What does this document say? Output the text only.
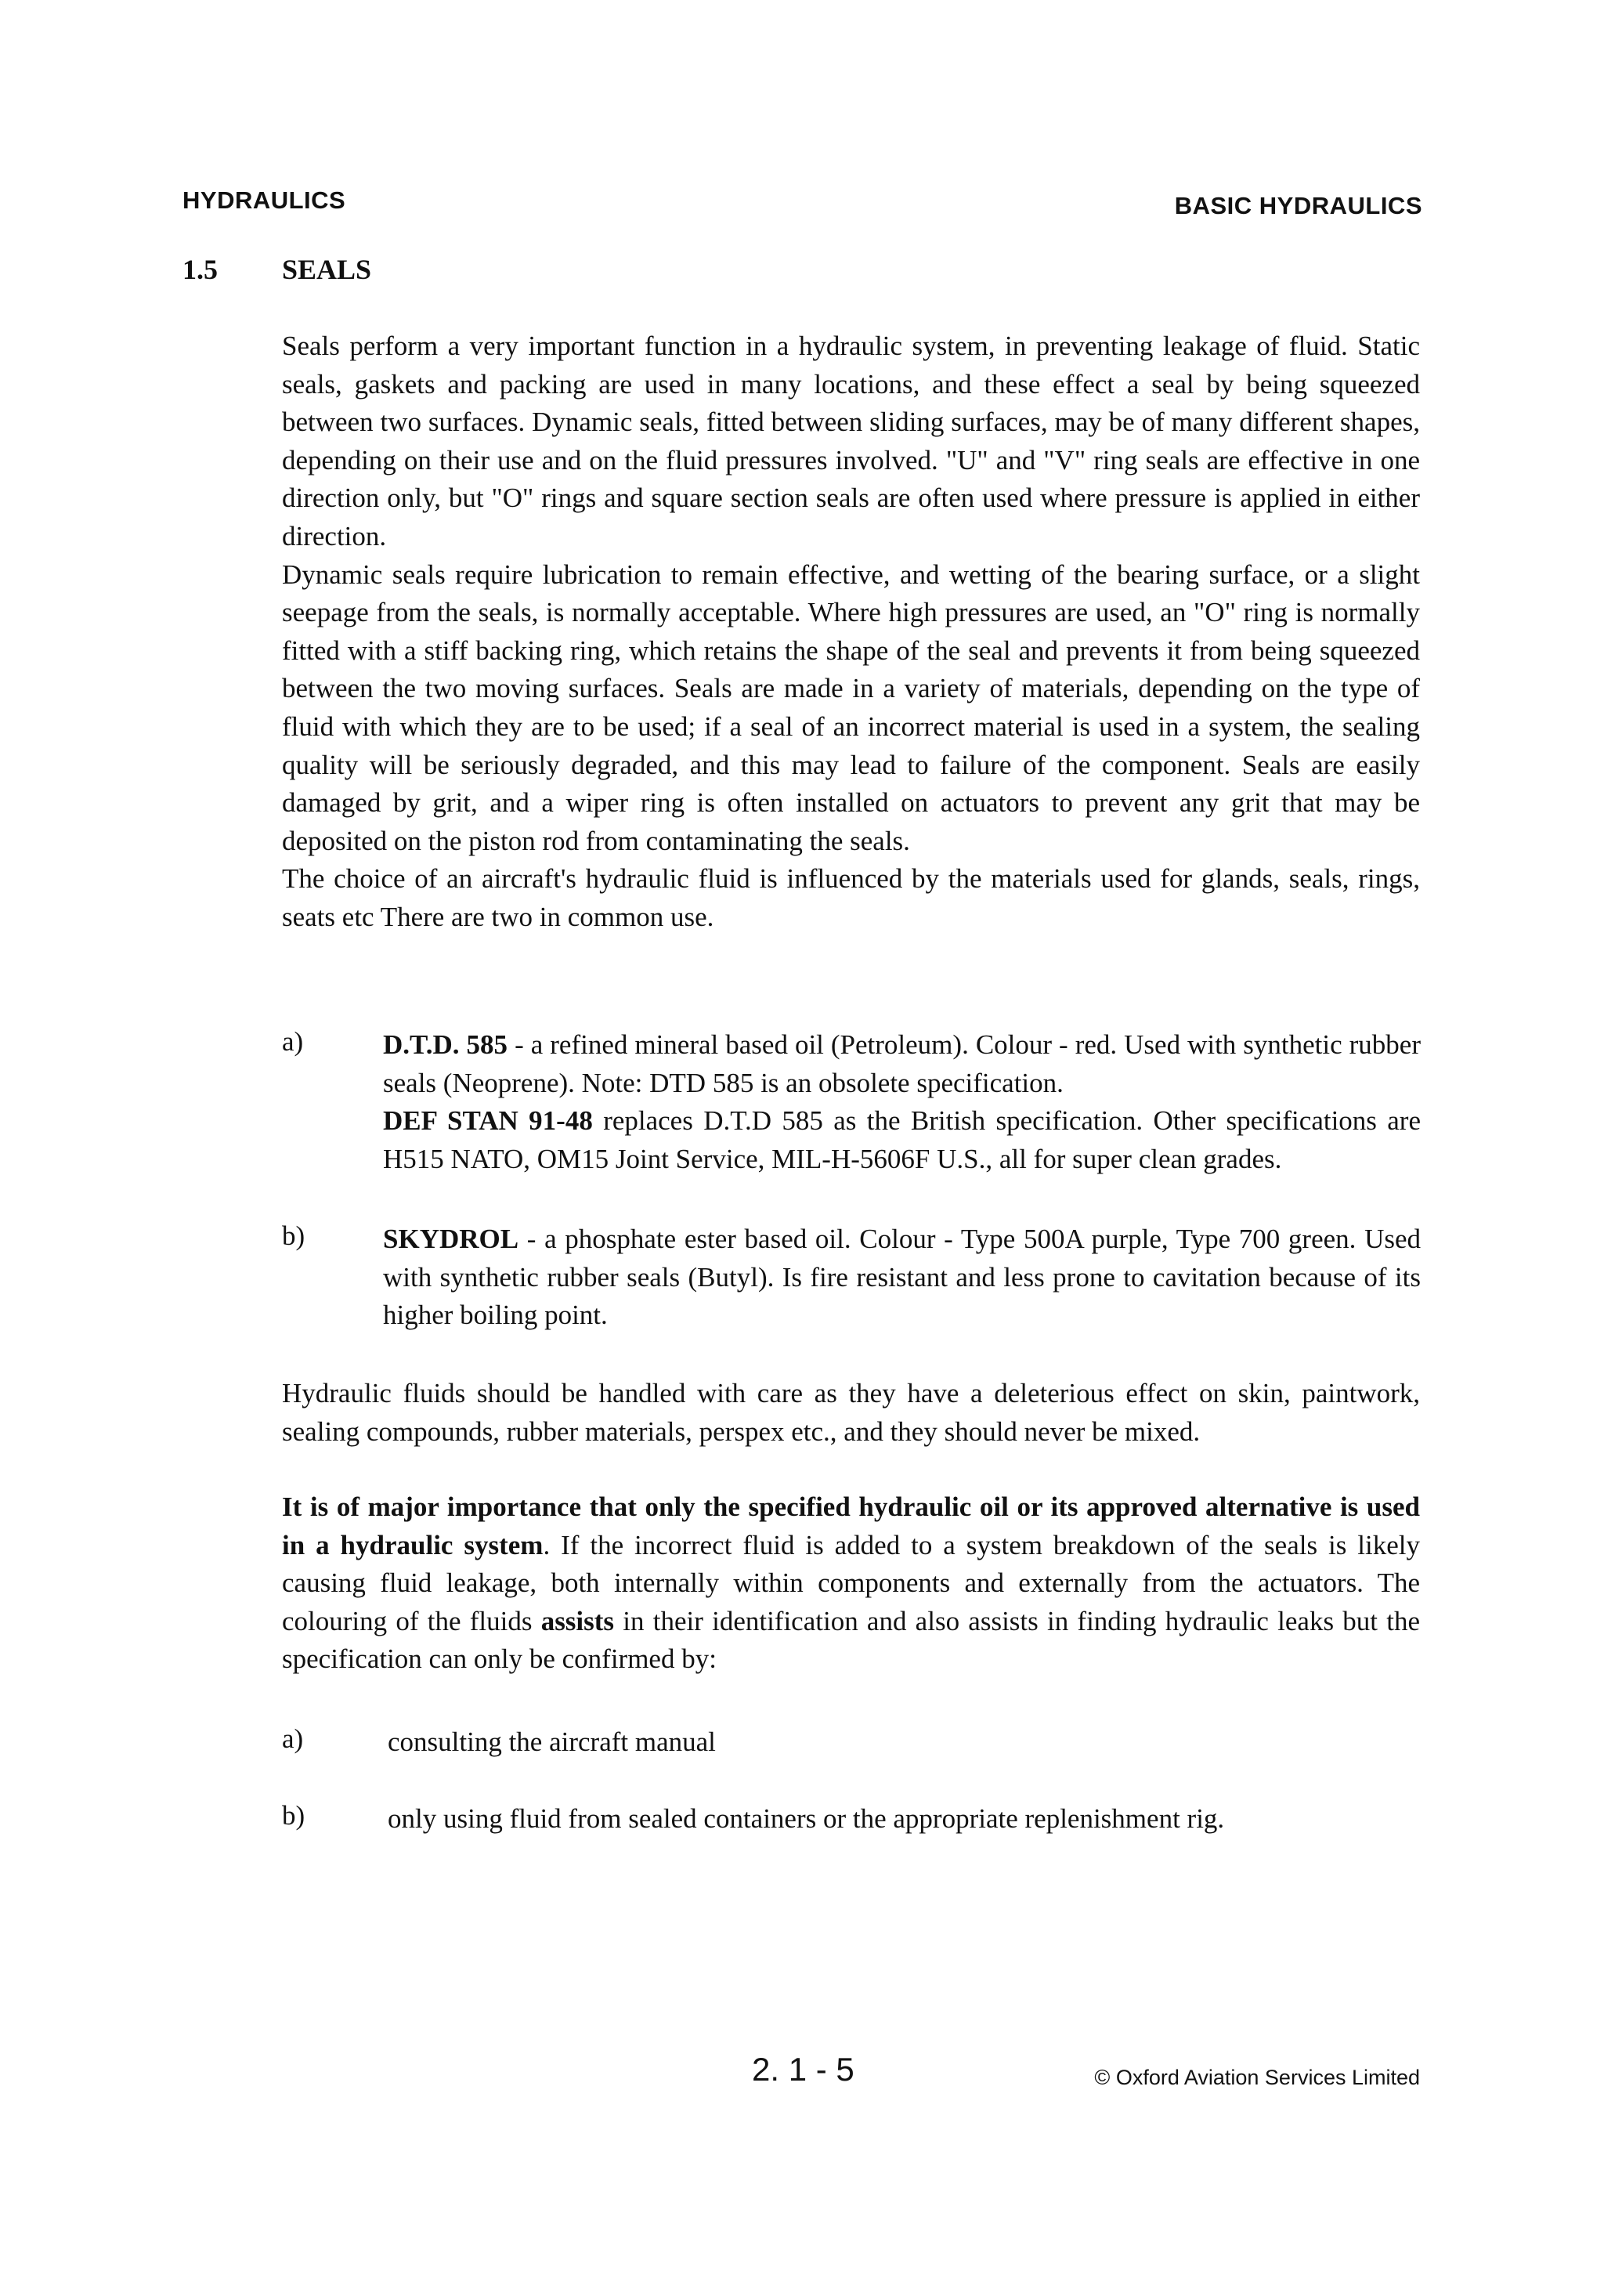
HYDRAULICS	BASIC HYDRAULICS
1.5 SEALS
Seals perform a very important function in a hydraulic system, in preventing leakage of fluid. Static seals, gaskets and packing are used in many locations, and these effect a seal by being squeezed between two surfaces. Dynamic seals, fitted between sliding surfaces, may be of many different shapes, depending on their use and on the fluid pressures involved. "U" and "V" ring seals are effective in one direction only, but "O" rings and square section seals are often used where pressure is applied in either direction.
Dynamic seals require lubrication to remain effective, and wetting of the bearing surface, or a slight seepage from the seals, is normally acceptable. Where high pressures are used, an "O" ring is normally fitted with a stiff backing ring, which retains the shape of the seal and prevents it from being squeezed between the two moving surfaces. Seals are made in a variety of materials, depending on the type of fluid with which they are to be used; if a seal of an incorrect material is used in a system, the sealing quality will be seriously degraded, and this may lead to failure of the component. Seals are easily damaged by grit, and a wiper ring is often installed on actuators to prevent any grit that may be deposited on the piston rod from contaminating the seals.
The choice of an aircraft's hydraulic fluid is influenced by the materials used for glands, seals, rings, seats etc There are two in common use.
a)	D.T.D. 585 - a refined mineral based oil (Petroleum). Colour - red. Used with synthetic rubber seals (Neoprene). Note: DTD 585 is an obsolete specification.
DEF STAN 91-48 replaces D.T.D 585 as the British specification. Other specifications are H515 NATO, OM15 Joint Service, MIL-H-5606F U.S., all for super clean grades.
b)	SKYDROL - a phosphate ester based oil. Colour - Type 500A purple, Type 700 green. Used with synthetic rubber seals (Butyl). Is fire resistant and less prone to cavitation because of its higher boiling point.
Hydraulic fluids should be handled with care as they have a deleterious effect on skin, paintwork, sealing compounds, rubber materials, perspex etc., and they should never be mixed.
It is of major importance that only the specified hydraulic oil or its approved alternative is used in a hydraulic system. If the incorrect fluid is added to a system breakdown of the seals is likely causing fluid leakage, both internally within components and externally from the actuators. The colouring of the fluids assists in their identification and also assists in finding hydraulic leaks but the specification can only be confirmed by:
a)	consulting the aircraft manual
b)	only using fluid from sealed containers or the appropriate replenishment rig.
2. 1 - 5	© Oxford Aviation Services Limited
